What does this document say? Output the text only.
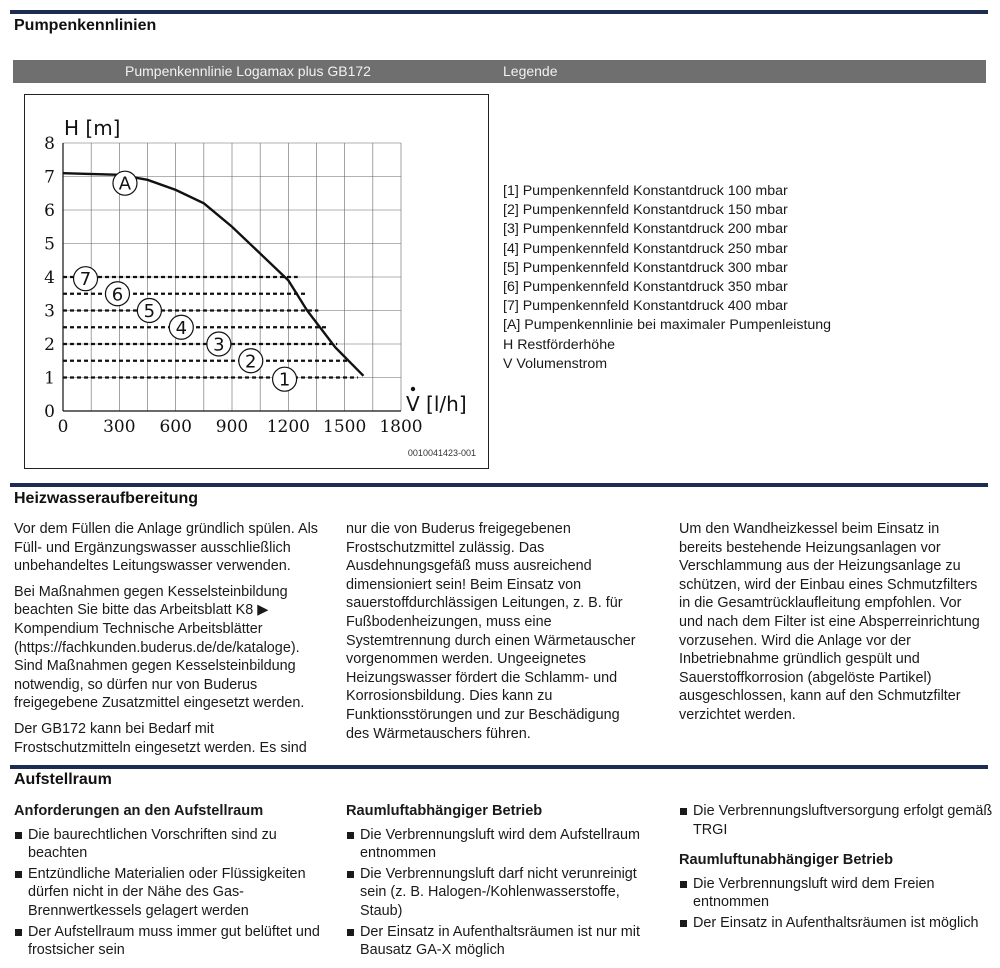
Pumpenkennlinien
Pumpenkennlinie Logamax plus GB172	Legende
0
1
2
3
4
5
6
7
8
0 300 600 900 1200 1500 1800
H [m]
V [l/h]
A
7
6
5
4
3
2
1
0010041423-001
[1] Pumpenkennfeld Konstantdruck 100 mbar
[2] Pumpenkennfeld Konstantdruck 150 mbar
[3] Pumpenkennfeld Konstantdruck 200 mbar
[4] Pumpenkennfeld Konstantdruck 250 mbar
[5] Pumpenkennfeld Konstantdruck 300 mbar
[6] Pumpenkennfeld Konstantdruck 350 mbar
[7] Pumpenkennfeld Konstantdruck 400 mbar
[A] Pumpenkennlinie bei maximaler Pumpenleistung
H Restförderhöhe
V Volumenstrom
Heizwasseraufbereitung

Vor dem Füllen die Anlage gründlich spülen. Als Füll- und Ergänzungswasser ausschließlich unbehandeltes Leitungswasser verwenden.

Bei Maßnahmen gegen Kesselsteinbildung beachten Sie bitte das Arbeitsblatt K8 ▶ Kompendium Technische Arbeitsblätter (https://fachkunden.buderus.de/de/kataloge). Sind Maßnahmen gegen Kesselsteinbildung notwendig, so dürfen nur von Buderus freigegebene Zusatzmittel eingesetzt werden.

Der GB172 kann bei Bedarf mit Frostschutzmitteln eingesetzt werden. Es sind

nur die von Buderus freigegebenen Frostschutzmittel zulässig. Das Ausdehnungsgefäß muss ausreichend dimensioniert sein! Beim Einsatz von sauerstoffdurchlässigen Leitungen, z. B. für Fußbodenheizungen, muss eine Systemtrennung durch einen Wärmetauscher vorgenommen werden. Ungeeignetes Heizungswasser fördert die Schlamm- und Korrosionsbildung. Dies kann zu Funktionsstörungen und zur Beschädigung des Wärmetauschers führen.

Um den Wandheizkessel beim Einsatz in bereits bestehende Heizungsanlagen vor Verschlammung aus der Heizungsanlage zu schützen, wird der Einbau eines Schmutzfilters in die Gesamtrücklaufleitung empfohlen. Vor und nach dem Filter ist eine Absperreinrichtung vorzusehen. Wird die Anlage vor der Inbetriebnahme gründlich gespült und Sauerstoffkorrosion (abgelöste Partikel) ausgeschlossen, kann auf den Schmutzfilter verzichtet werden.

Aufstellraum
Anforderungen an den Aufstellraum
Die baurechtlichen Vorschriften sind zu beachten
Entzündliche Materialien oder Flüssigkeiten dürfen nicht in der Nähe des Gas-Brennwertkessels gelagert werden
Der Aufstellraum muss immer gut belüftet und frostsicher sein
Raumluftabhängiger Betrieb
Die Verbrennungsluft wird dem Aufstellraum entnommen
Die Verbrennungsluft darf nicht verunreinigt sein (z. B. Halogen-/Kohlenwasserstoffe, Staub)
Der Einsatz in Aufenthaltsräumen ist nur mit Bausatz GA-X möglich
Die Verbrennungsluftversorgung erfolgt gemäß TRGI
Raumluftunabhängiger Betrieb
Die Verbrennungsluft wird dem Freien entnommen
Der Einsatz in Aufenthaltsräumen ist möglich
